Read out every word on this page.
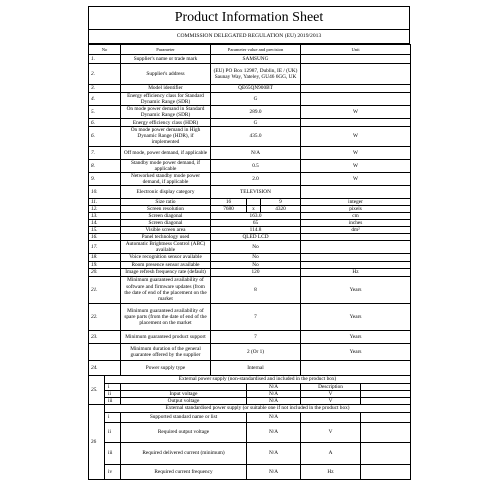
Product Information Sheet
COMMISSION DELEGATED REGULATION (EU) 2019/2013
No		Parameter	Parameter value and precision			Unit	
1.		Supplier's name or trade mark	SAMSUNG				
2.		Supplier's address	(EU) PO Box 12987, Dublin, IE / (UK) Saunay Way, Yateley, GU46 6GG, UK				
3.		Model identifier	QE65QN900BT				
4.		Energy efficiency class for Standard Dynamic Range (SDR)	G				
5.		On mode power demand in Standard Dynamic Range (SDR)	289.0			W	
6.		Energy efficiency class (HDR)	G				
6.		On mode power demand in High Dynamic Range (HDR), if implemented	435.0			W	
7.		Off mode, power demand, if applicable	N/A			W	
8.		Standby mode power demand, if applicable	0.5			W	
9.		Networked standby mode power demand, if applicable	2.0			W	
10.		Electronic display category	TELEVISION				
11.		Size ratio	16		9	integer	
12.		Screen resolution	7680	x	4320	pixels	
13.		Screen diagonal	163.0			cm	
14.		Screen diagonal	65			inches	
15.		Visible screen area	114.8			dm²	
16.		Panel technology used	QLED LCD				
17.		Automatic Brightness Control (ABC) available	No				
18.		Voice recognition sensor available	No				
19.		Room presence sensor available	No				
20.		Image refresh frequency rate (default)	120			Hz	
21.		Minimum guaranteed availability of software and firmware updates (from the date of end of the placement on the market	8			Years	
22.		Minimum guaranteed availability of spare parts (from the date of end of the placement on the market	7			Years	
23.		Minimum guaranteed product support	7			Years	
		Minimum duration of the general guarantee offered by the supplier	2 (Or 1)			Years	
24.		Power supply type	Internal				
25.	External power supply (non-standardised and included in the product box)						
	i			N/A		Description	
	ii	Input voltage		N/A		V	
	iii	Output voltage		N/A		V	
26	External standardised power supply (or suitable one if not included in the product box)						
	i	Supported standard name or list		N/A			
	ii	Required output voltage		N/A		V	
	iii	Required delivered current (minimum)		N/A		A	
	iv	Required current frequency		N/A		Hz	
